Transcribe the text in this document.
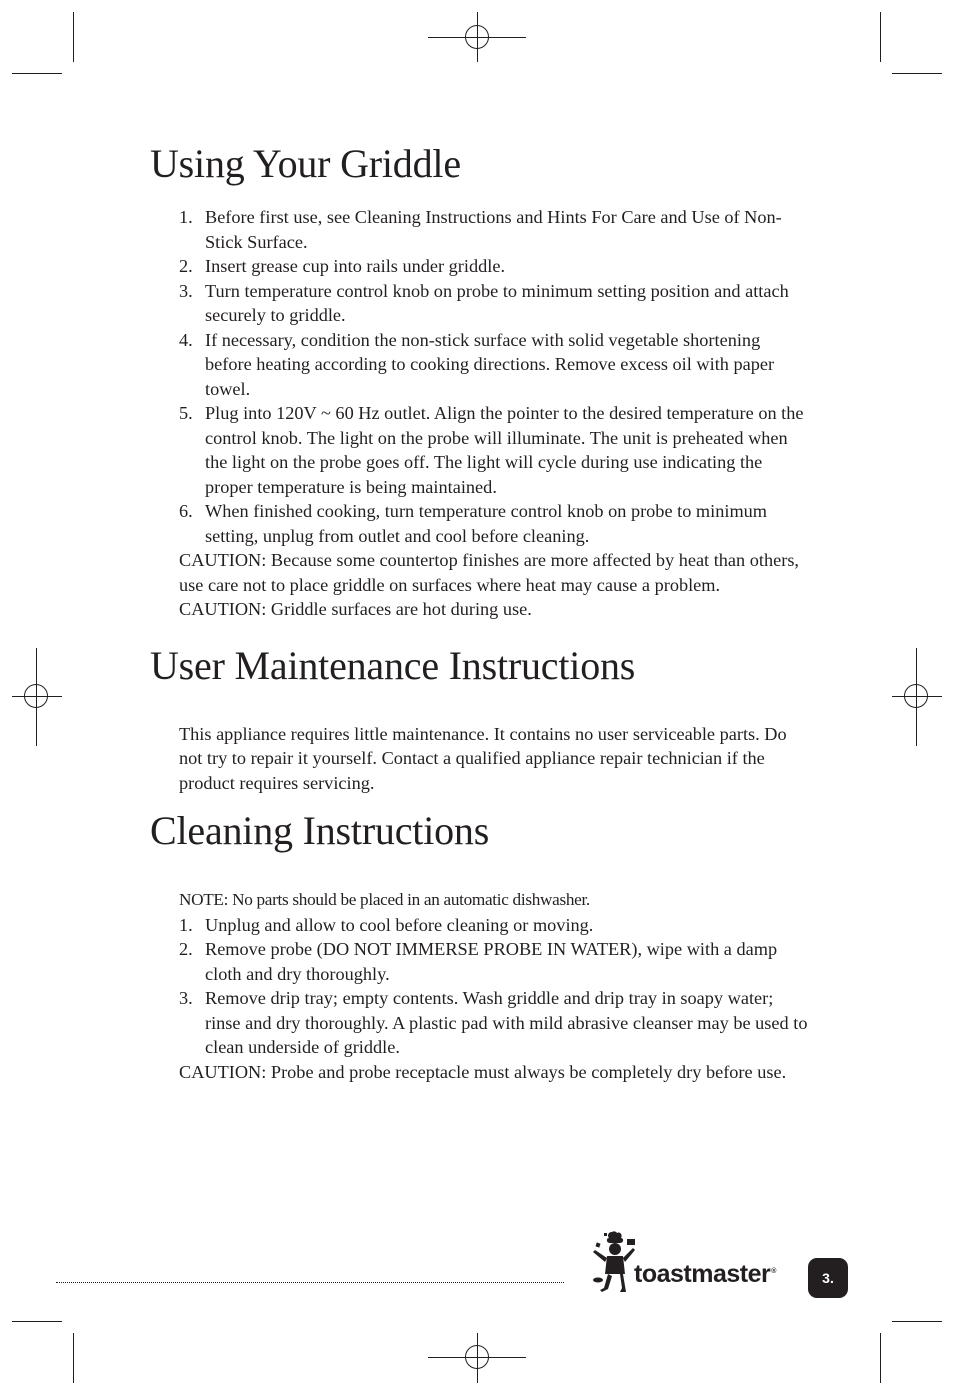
Using Your Griddle
1. Before first use, see Cleaning Instructions and Hints For Care and Use of Non-Stick Surface.
2. Insert grease cup into rails under griddle.
3. Turn temperature control knob on probe to minimum setting position and attach securely to griddle.
4. If necessary, condition the non-stick surface with solid vegetable shortening before heating according to cooking directions. Remove excess oil with paper towel.
5. Plug into 120V ~ 60 Hz outlet. Align the pointer to the desired temperature on the control knob. The light on the probe will illuminate. The unit is preheated when the light on the probe goes off. The light will cycle during use indicating the proper temperature is being maintained.
6. When finished cooking, turn temperature control knob on probe to minimum setting, unplug from outlet and cool before cleaning.

CAUTION: Because some countertop finishes are more affected by heat than others, use care not to place griddle on surfaces where heat may cause a problem.

CAUTION: Griddle surfaces are hot during use.

User Maintenance Instructions

This appliance requires little maintenance. It contains no user serviceable parts. Do not try to repair it yourself. Contact a qualified appliance repair technician if the product requires servicing.

Cleaning Instructions

NOTE: No parts should be placed in an automatic dishwasher.

1. Unplug and allow to cool before cleaning or moving.
2. Remove probe (DO NOT IMMERSE PROBE IN WATER), wipe with a damp cloth and dry thoroughly.
3. Remove drip tray; empty contents. Wash griddle and drip tray in soapy water; rinse and dry thoroughly. A plastic pad with mild abrasive cleanser may be used to clean underside of griddle.

CAUTION: Probe and probe receptacle must always be completely dry before use.

toastmaster®	3.
